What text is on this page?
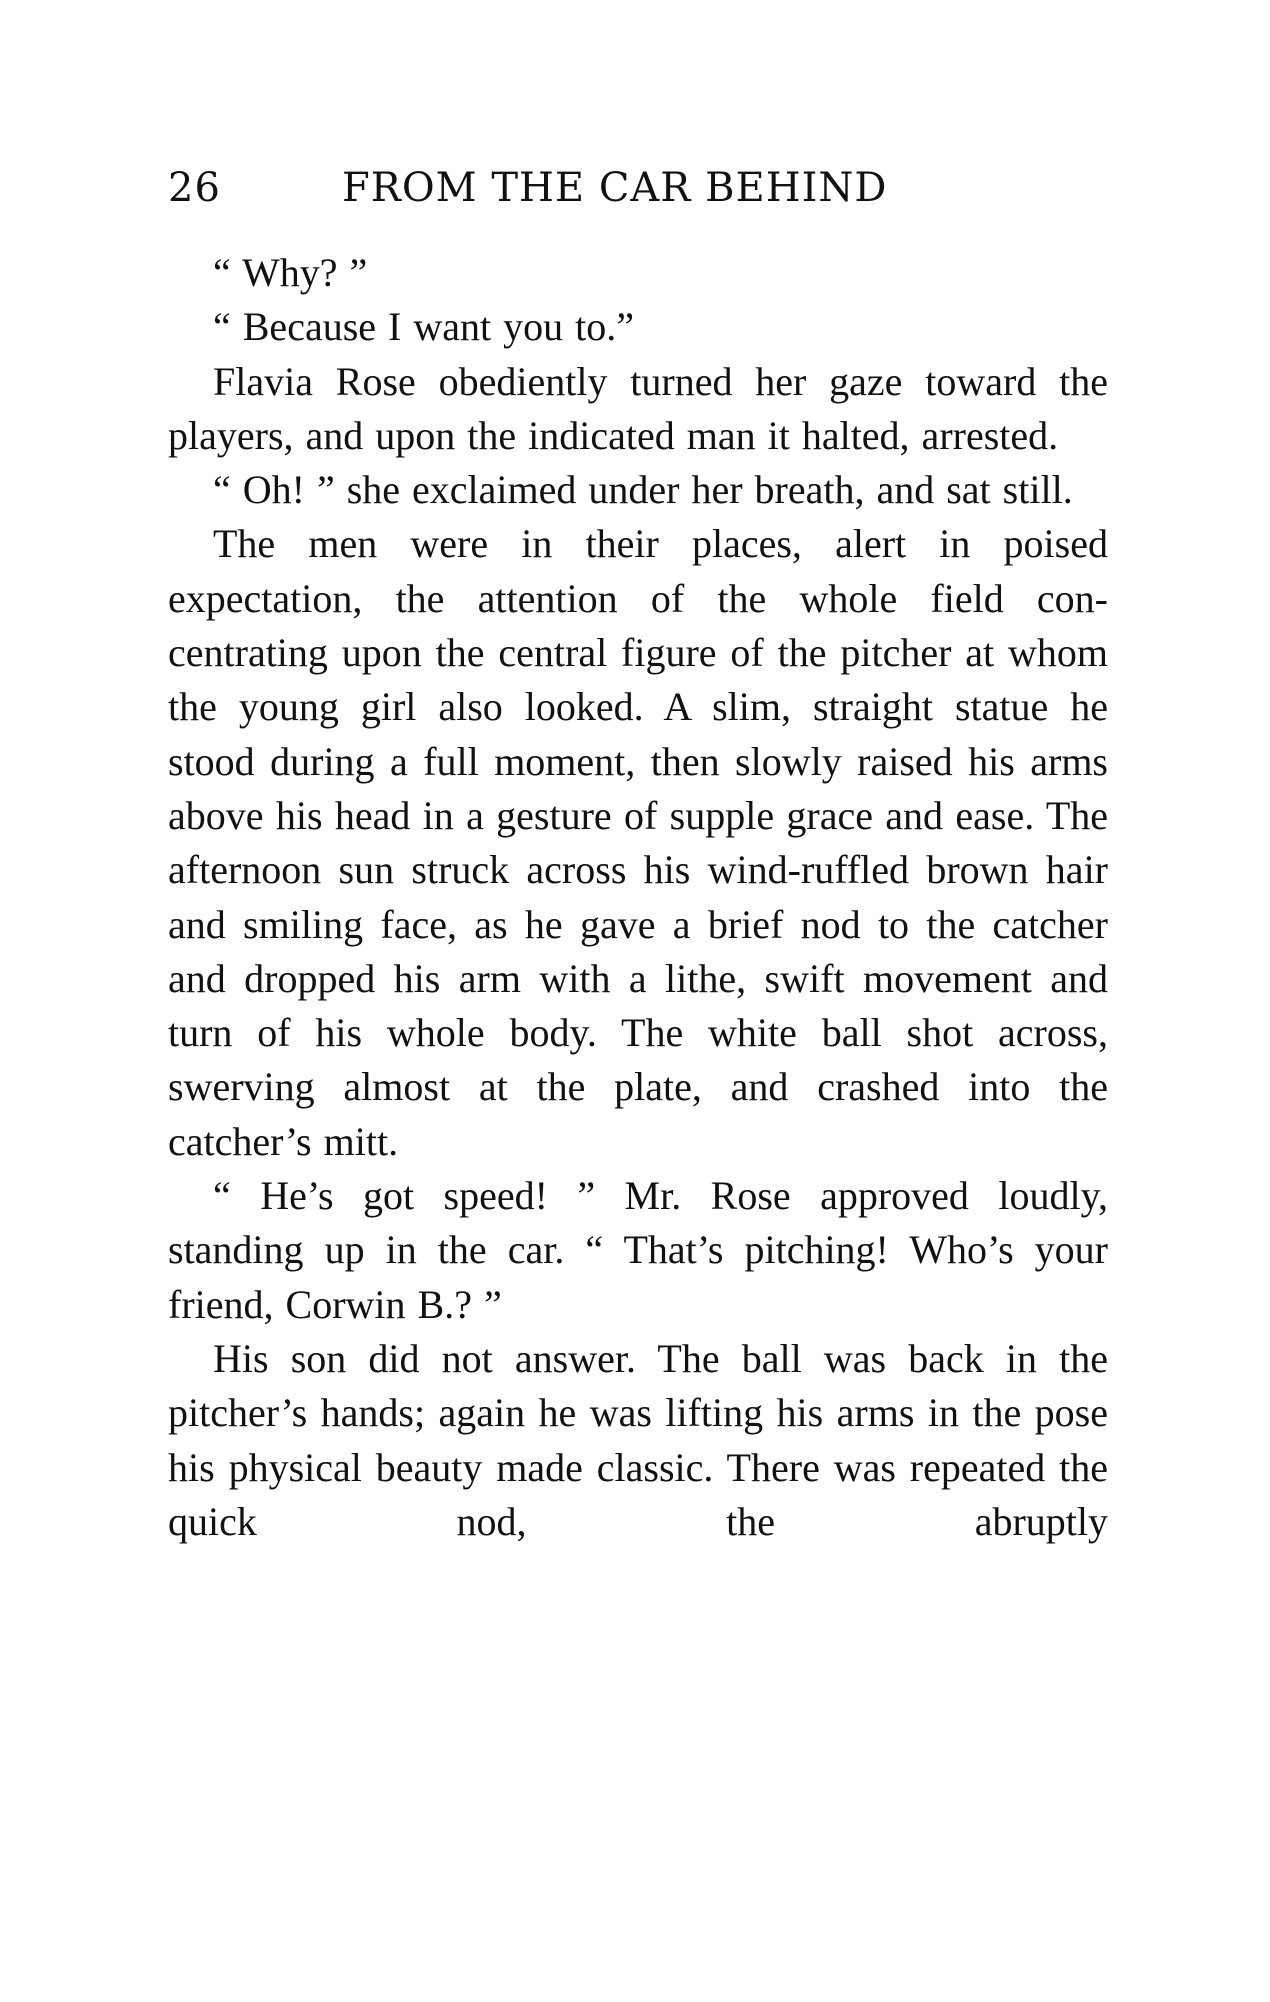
26	FROM THE CAR BEHIND

“ Why? ”

“ Because I want you to.”

Flavia Rose obediently turned her gaze toward the players, and upon the indicated man it halted, arrested.

“ Oh! ” she exclaimed under her breath, and sat still.

The men were in their places, alert in poised expectation, the attention of the whole field con-centrating upon the central figure of the pitcher at whom the young girl also looked. A slim, straight statue he stood during a full moment, then slowly raised his arms above his head in a gesture of supple grace and ease. The afternoon sun struck across his wind-ruffled brown hair and smiling face, as he gave a brief nod to the catcher and dropped his arm with a lithe, swift movement and turn of his whole body. The white ball shot across, swerving almost at the plate, and crashed into the catcher’s mitt.

“ He’s got speed! ” Mr. Rose approved loudly, standing up in the car. “ That’s pitching! Who’s your friend, Corwin B.? ”

His son did not answer. The ball was back in the pitcher’s hands; again he was lifting his arms in the pose his physical beauty made classic. There was repeated the quick nod, the abruptly
